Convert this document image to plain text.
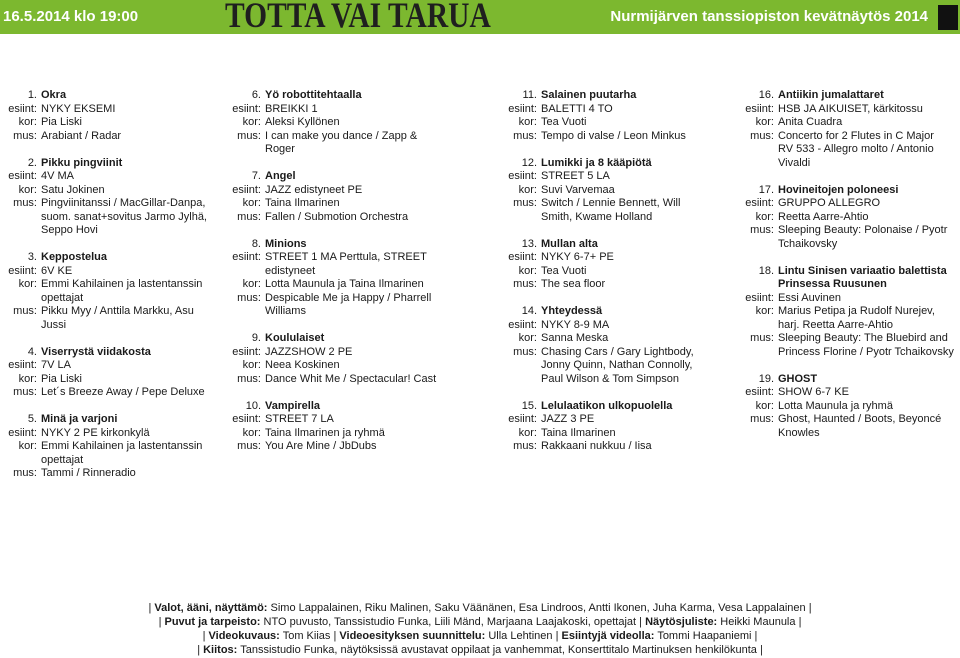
16.5.2014 klo 19:00 TOTTA VAI TARUA	Nurmijärven tanssiopiston kevätnäytös 2014
1. Okra
esiint: NYKY EKSEMI
kor: Pia Liski
mus: Arabiant / Radar
2. Pikku pingviinit
esiint: 4V MA
kor: Satu Jokinen
mus: Pingviinitanssi / MacGillar-Danpa,
suom. sanat+sovitus Jarmo Jylhä,
Seppo Hovi
3. Keppostelua
esiint: 6V KE
kor: Emmi Kahilainen ja lastentanssin
opettajat
mus: Pikku Myy / Anttila Markku, Asu
Jussi
4. Viserrystä viidakosta
esiint: 7V LA
kor: Pia Liski
mus: Let´s Breeze Away / Pepe Deluxe
5. Minä ja varjoni
esiint: NYKY 2 PE kirkonkylä
kor: Emmi Kahilainen ja lastentanssin
opettajat
mus: Tammi / Rinneradio
6. Yö robottitehtaalla
esiint: BREIKKI 1
kor: Aleksi Kyllönen
mus: I can make you dance / Zapp &
Roger
7. Angel
esiint: JAZZ edistyneet PE
kor: Taina Ilmarinen
mus: Fallen / Submotion Orchestra
8. Minions
esiint: STREET 1 MA Perttula, STREET
edistyneet
kor: Lotta Maunula ja Taina Ilmarinen
mus: Despicable Me ja Happy / Pharrell
Williams
9. Koululaiset
esiint: JAZZSHOW 2 PE
kor: Neea Koskinen
mus: Dance Whit Me / Spectacular! Cast
10. Vampirella
esiint: STREET 7 LA
kor: Taina Ilmarinen ja ryhmä
mus: You Are Mine / JbDubs
11. Salainen puutarha
esiint: BALETTI 4 TO
kor: Tea Vuoti
mus: Tempo di valse / Leon Minkus
12. Lumikki ja 8 kääpiötä
esiint: STREET 5 LA
kor: Suvi Varvemaa
mus: Switch / Lennie Bennett, Will
Smith, Kwame Holland
13. Mullan alta
esiint: NYKY 6-7+ PE
kor: Tea Vuoti
mus: The sea floor
14. Yhteydessä
esiint: NYKY 8-9 MA
kor: Sanna Meska
mus: Chasing Cars / Gary Lightbody,
Jonny Quinn, Nathan Connolly,
Paul Wilson & Tom Simpson
15. Lelulaatikon ulkopuolella
esiint: JAZZ 3 PE
kor: Taina Ilmarinen
mus: Rakkaani nukkuu / Iisa
16. Antiikin jumalattaret
esiint: HSB JA AIKUISET, kärkitossu
kor: Anita Cuadra
mus: Concerto for 2 Flutes in C Major
RV 533 - Allegro molto / Antonio
Vivaldi
17. Hovineitojen poloneesi
esiint: GRUPPO ALLEGRO
kor: Reetta Aarre-Ahtio
mus: Sleeping Beauty: Polonaise / Pyotr
Tchaikovsky
18. Lintu Sinisen variaatio balettista
Prinsessa Ruusunen
esiint: Essi Auvinen
kor: Marius Petipa ja Rudolf Nurejev,
harj. Reetta Aarre-Ahtio
mus: Sleeping Beauty: The Bluebird and
Princess Florine / Pyotr Tchaikovsky
19. GHOST
esiint: SHOW 6-7 KE
kor: Lotta Maunula ja ryhmä
mus: Ghost, Haunted / Boots, Beyoncé
Knowles
| Valot, ääni, näyttämö: Simo Lappalainen, Riku Malinen, Saku Väänänen, Esa Lindroos, Antti Ikonen, Juha Karma, Vesa Lappalainen |
| Puvut ja tarpeisto: NTO puvusto, Tanssistudio Funka, Liili Mänd, Marjaana Laajakoski, opettajat | Näytösjuliste: Heikki Maunula |
| Videokuvaus: Tom Kiias | Videoesityksen suunnittelu: Ulla Lehtinen | Esiintyjä videolla: Tommi Haapaniemi |
| Kiitos: Tanssistudio Funka, näytöksissä avustavat oppilaat ja vanhemmat, Konserttitalo Martinuksen henkilökunta |
